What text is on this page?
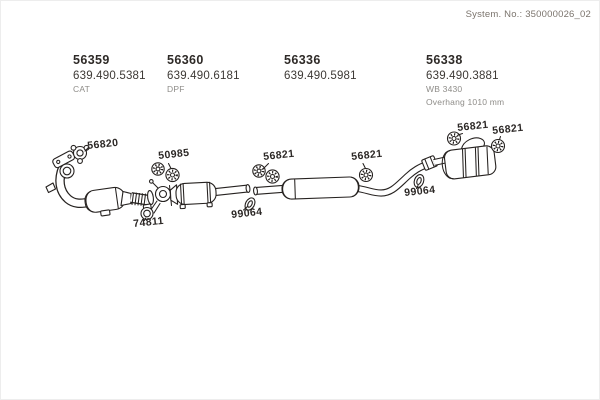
System. No.: 350000026_02
56359
639.490.5381
CAT
56360
639.490.6181
DPF
56336
639.490.5981
56338
639.490.3881
WB 3430
Overhang 1010 mm
56820
50985
74811
99064
56821	56821
99064
56821 56821
